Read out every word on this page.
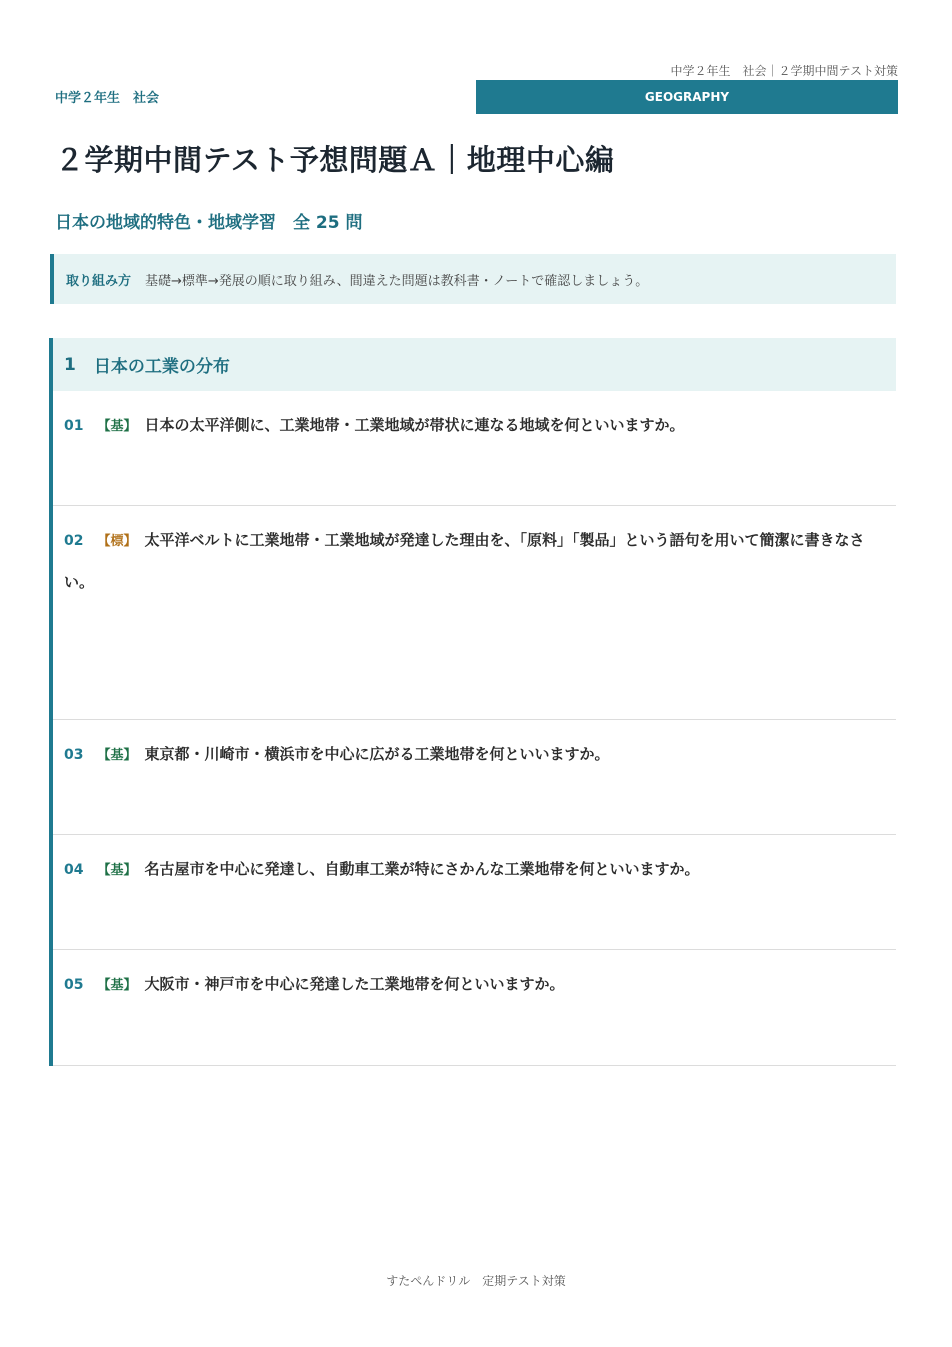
中学２年生　社会｜２学期中間テスト対策
中学２年生　社会	GEOGRAPHY
２学期中間テスト予想問題Ａ｜地理中心編
日本の地域的特色・地域学習　全 25 問
取り組み方 基礎→標準→発展の順に取り組み、間違えた問題は教科書・ノートで確認しましょう。
1 日本の工業の分布
01 【基】 日本の太平洋側に、工業地帯・工業地域が帯状に連なる地域を何といいますか。
02 【標】 太平洋ベルトに工業地帯・工業地域が発達した理由を、「原料」「製品」という語句を用いて簡潔に書きなさい。
03 【基】 東京都・川崎市・横浜市を中心に広がる工業地帯を何といいますか。
04 【基】 名古屋市を中心に発達し、自動車工業が特にさかんな工業地帯を何といいますか。
05 【基】 大阪市・神戸市を中心に発達した工業地帯を何といいますか。
すたぺんドリル　定期テスト対策
